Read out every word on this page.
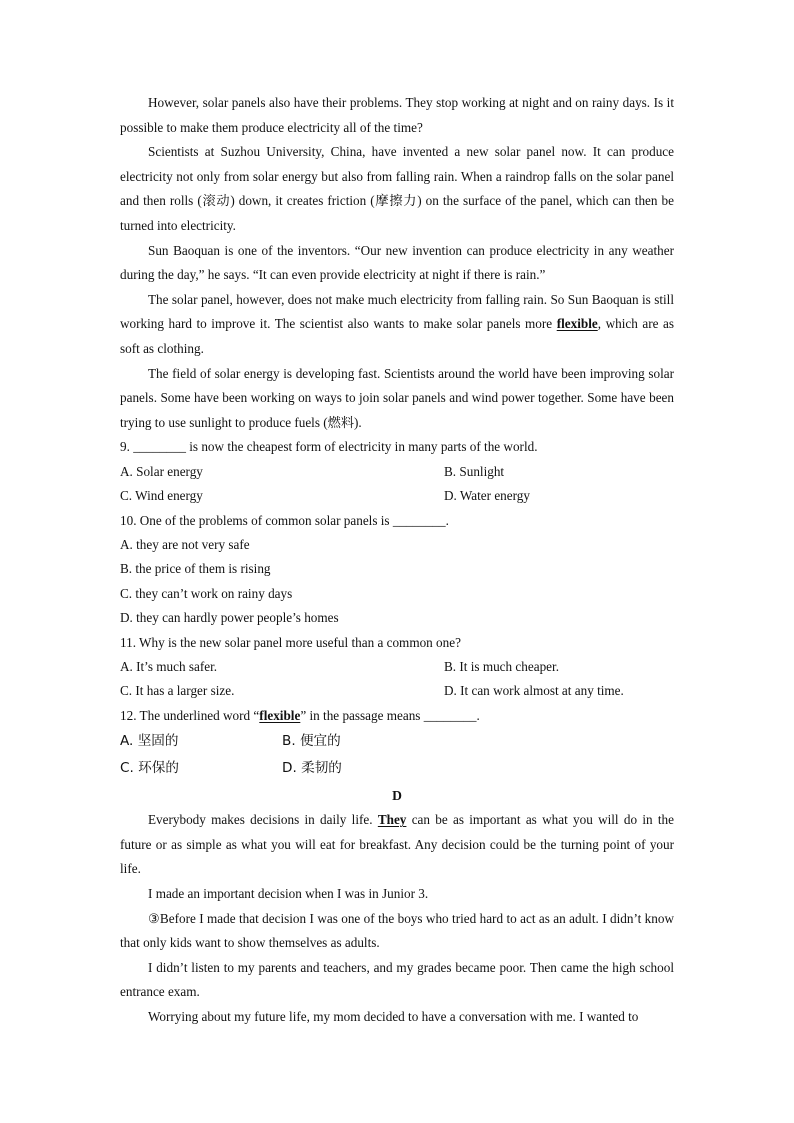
However, solar panels also have their problems. They stop working at night and on rainy days. Is it possible to make them produce electricity all of the time?

Scientists at Suzhou University, China, have invented a new solar panel now. It can produce electricity not only from solar energy but also from falling rain. When a raindrop falls on the solar panel and then rolls (滚动) down, it creates friction (摩擦力) on the surface of the panel, which can then be turned into electricity.

Sun Baoquan is one of the inventors. “Our new invention can produce electricity in any weather during the day,” he says. “It can even provide electricity at night if there is rain.”

The solar panel, however, does not make much electricity from falling rain. So Sun Baoquan is still working hard to improve it. The scientist also wants to make solar panels more flexible, which are as soft as clothing.

The field of solar energy is developing fast. Scientists around the world have been improving solar panels. Some have been working on ways to join solar panels and wind power together. Some have been trying to use sunlight to produce fuels (燃料).

9. ________ is now the cheapest form of electricity in many parts of the world.

A. Solar energy	B. Sunlight
C. Wind energy	D. Water energy

10. One of the problems of common solar panels is ________.

A. they are not very safe

B. the price of them is rising

C. they can’t work on rainy days

D. they can hardly power people’s homes

11. Why is the new solar panel more useful than a common one?

A. It’s much safer.	B. It is much cheaper.
C. It has a larger size.	D. It can work almost at any time.

12. The underlined word “flexible” in the passage means ________.

A. 坚固的	B. 便宜的
C. 环保的	D. 柔韧的

D

Everybody makes decisions in daily life. They can be as important as what you will do in the future or as simple as what you will eat for breakfast. Any decision could be the turning point of your life.

I made an important decision when I was in Junior 3.

③Before I made that decision I was one of the boys who tried hard to act as an adult. I didn’t know that only kids want to show themselves as adults.

I didn’t listen to my parents and teachers, and my grades became poor. Then came the high school entrance exam.

Worrying about my future life, my mom decided to have a conversation with me. I wanted to
